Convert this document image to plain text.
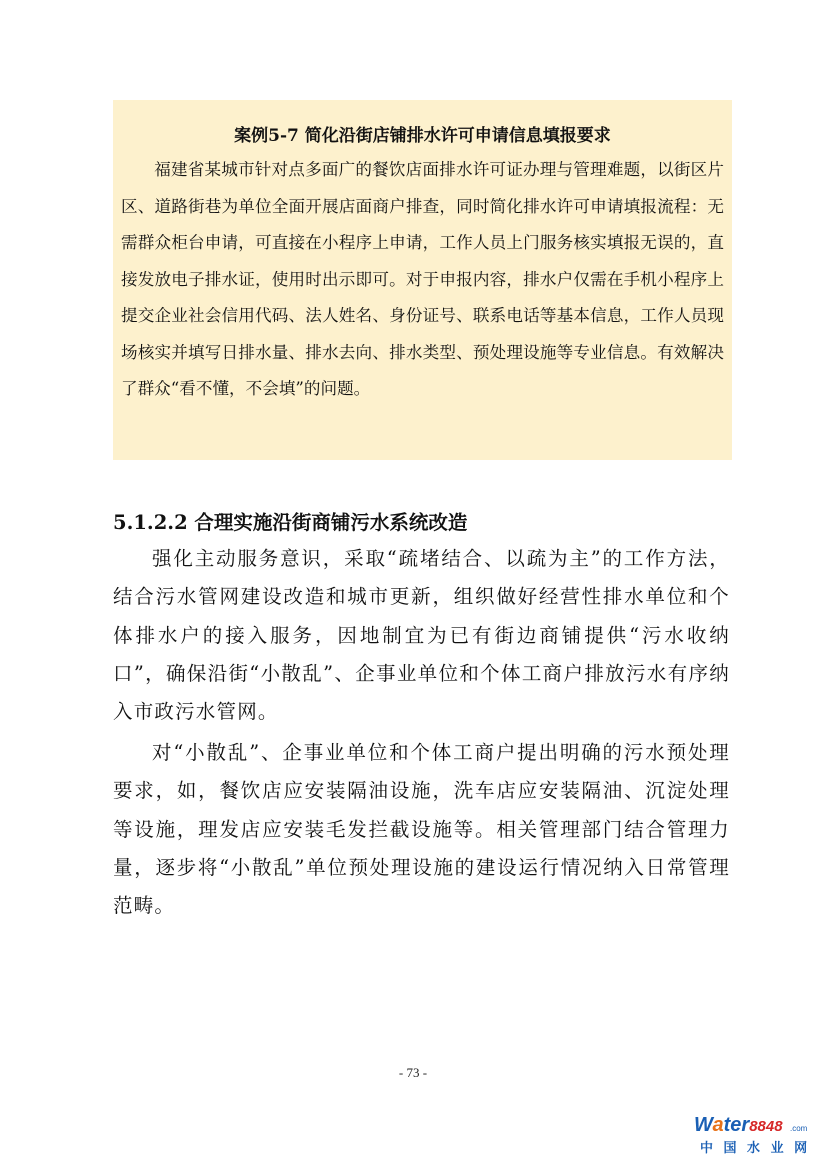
案例5-7 简化沿街店铺排水许可申请信息填报要求

福建省某城市针对点多面广的餐饮店面排水许可证办理与管理难题，以街区片区、道路街巷为单位全面开展店面商户排查，同时简化排水许可申请填报流程：无需群众柜台申请，可直接在小程序上申请，工作人员上门服务核实填报无误的，直接发放电子排水证，使用时出示即可。对于申报内容，排水户仅需在手机小程序上提交企业社会信用代码、法人姓名、身份证号、联系电话等基本信息，工作人员现场核实并填写日排水量、排水去向、排水类型、预处理设施等专业信息。有效解决了群众“看不懂，不会填”的问题。

5.1.2.2 合理实施沿街商铺污水系统改造

强化主动服务意识，采取“疏堵结合、以疏为主”的工作方法，结合污水管网建设改造和城市更新，组织做好经营性排水单位和个体排水户的接入服务，因地制宜为已有街边商铺提供“污水收纳口”，确保沿街“小散乱”、企事业单位和个体工商户排放污水有序纳入市政污水管网。

对“小散乱”、企事业单位和个体工商户提出明确的污水预处理要求，如，餐饮店应安装隔油设施，洗车店应安装隔油、沉淀处理等设施，理发店应安装毛发拦截设施等。相关管理部门结合管理力量，逐步将“小散乱”单位预处理设施的建设运行情况纳入日常管理范畴。

- 73 -
Water8848 .com
中 国 水 业 网
